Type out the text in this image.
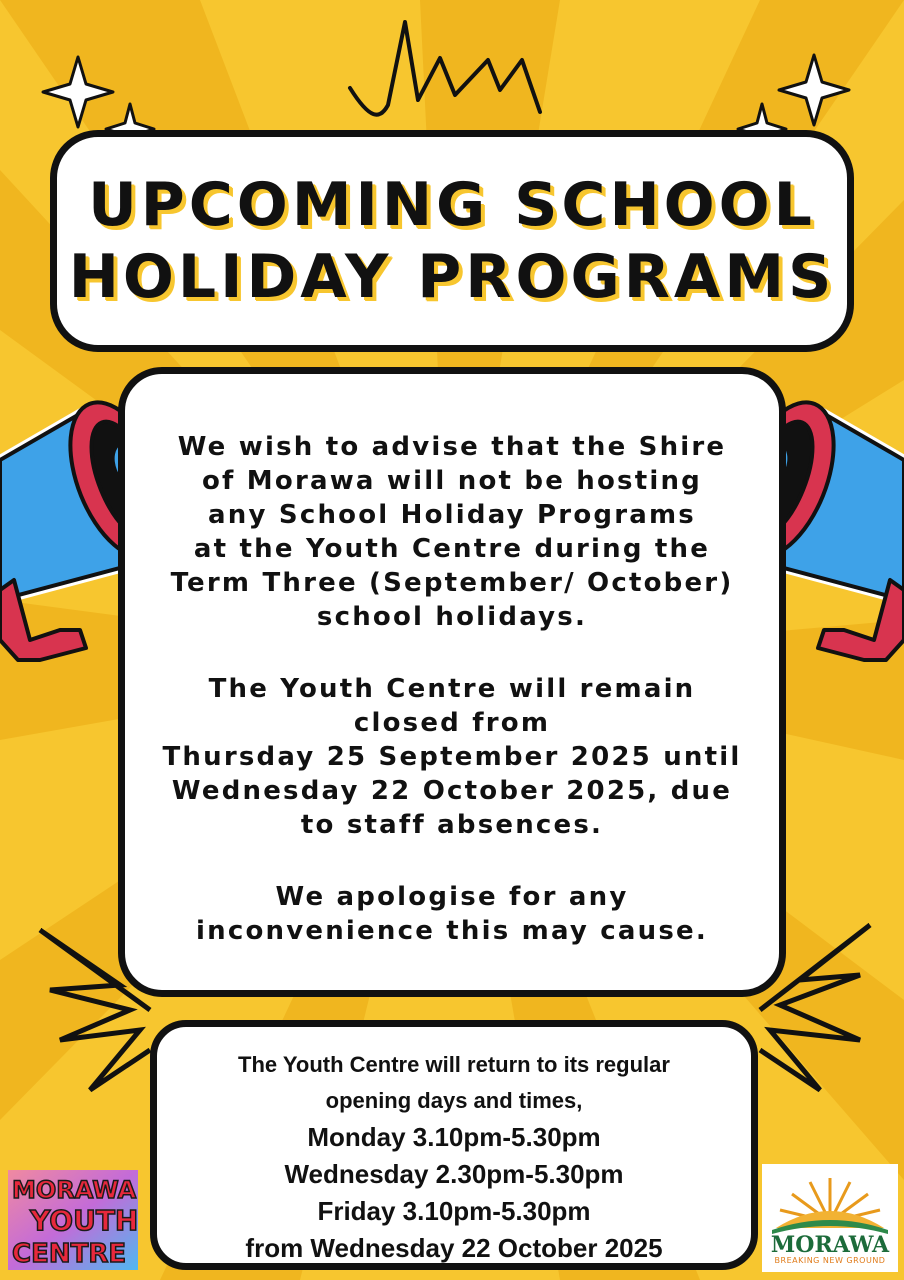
UPCOMING SCHOOL
HOLIDAY PROGRAMS
We wish to advise that the Shire
of Morawa will not be hosting
any School Holiday Programs
at the Youth Centre during the
Term Three (September/ October)
school holidays.
The Youth Centre will remain
closed from
Thursday 25 September 2025 until
Wednesday 22 October 2025, due
to staff absences.
We apologise for any
inconvenience this may cause.
The Youth Centre will return to its regular
opening days and times,
Monday 3.10pm-5.30pm
Wednesday 2.30pm-5.30pm
Friday 3.10pm-5.30pm
from Wednesday 22 October 2025
MORAWA
YOUTH
CENTRE	MORAWA
BREAKING NEW GROUND
